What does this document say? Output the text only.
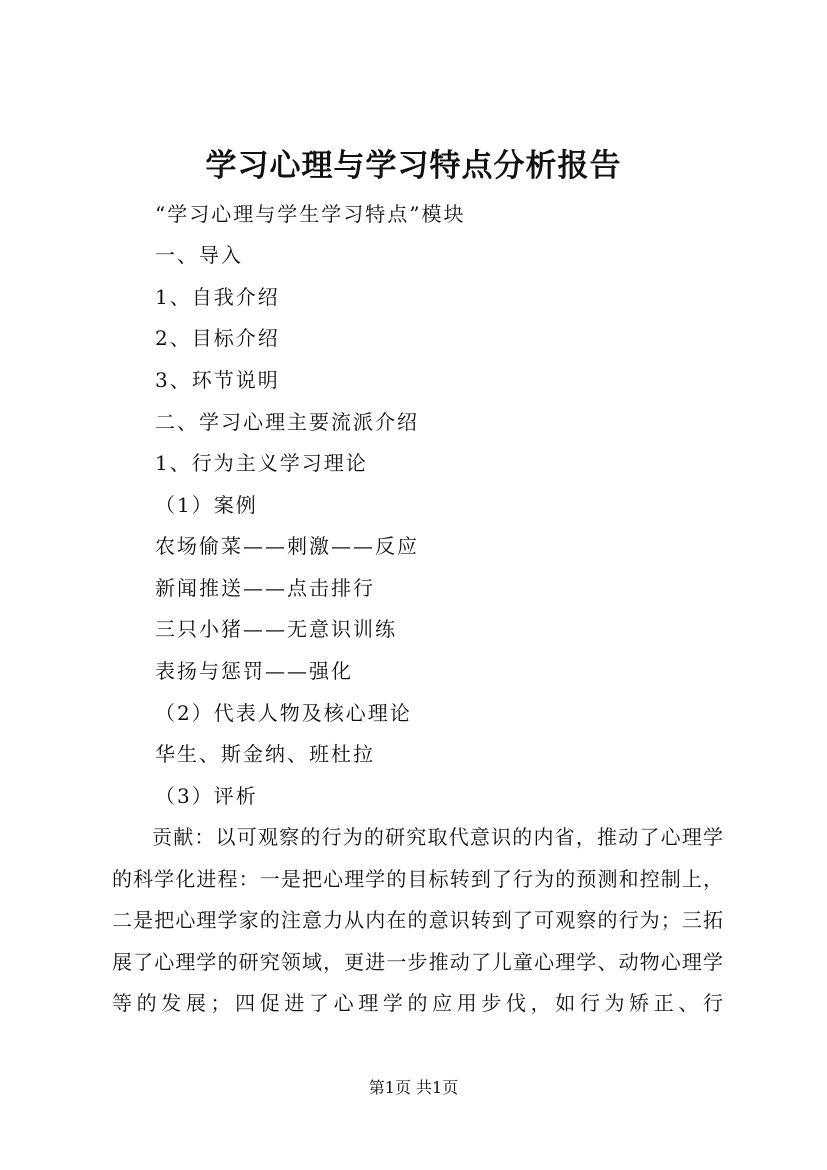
学习心理与学习特点分析报告
“学习心理与学生学习特点”模块
一、导入
1、自我介绍
2、目标介绍
3、环节说明
二、学习心理主要流派介绍
1、行为主义学习理论
（1）案例
农场偷菜——刺激——反应
新闻推送——点击排行
三只小猪——无意识训练
表扬与惩罚——强化
（2）代表人物及核心理论
华生、斯金纳、班杜拉
（3）评析

贡献：以可观察的行为的研究取代意识的内省，推动了心理学的科学化进程：一是把心理学的目标转到了行为的预测和控制上，二是把心理学家的注意力从内在的意识转到了可观察的行为；三拓展了心理学的研究领域，更进一步推动了儿童心理学、动物心理学等的发展；四促进了心理学的应用步伐，如行为矫正、行

第1页 共1页
